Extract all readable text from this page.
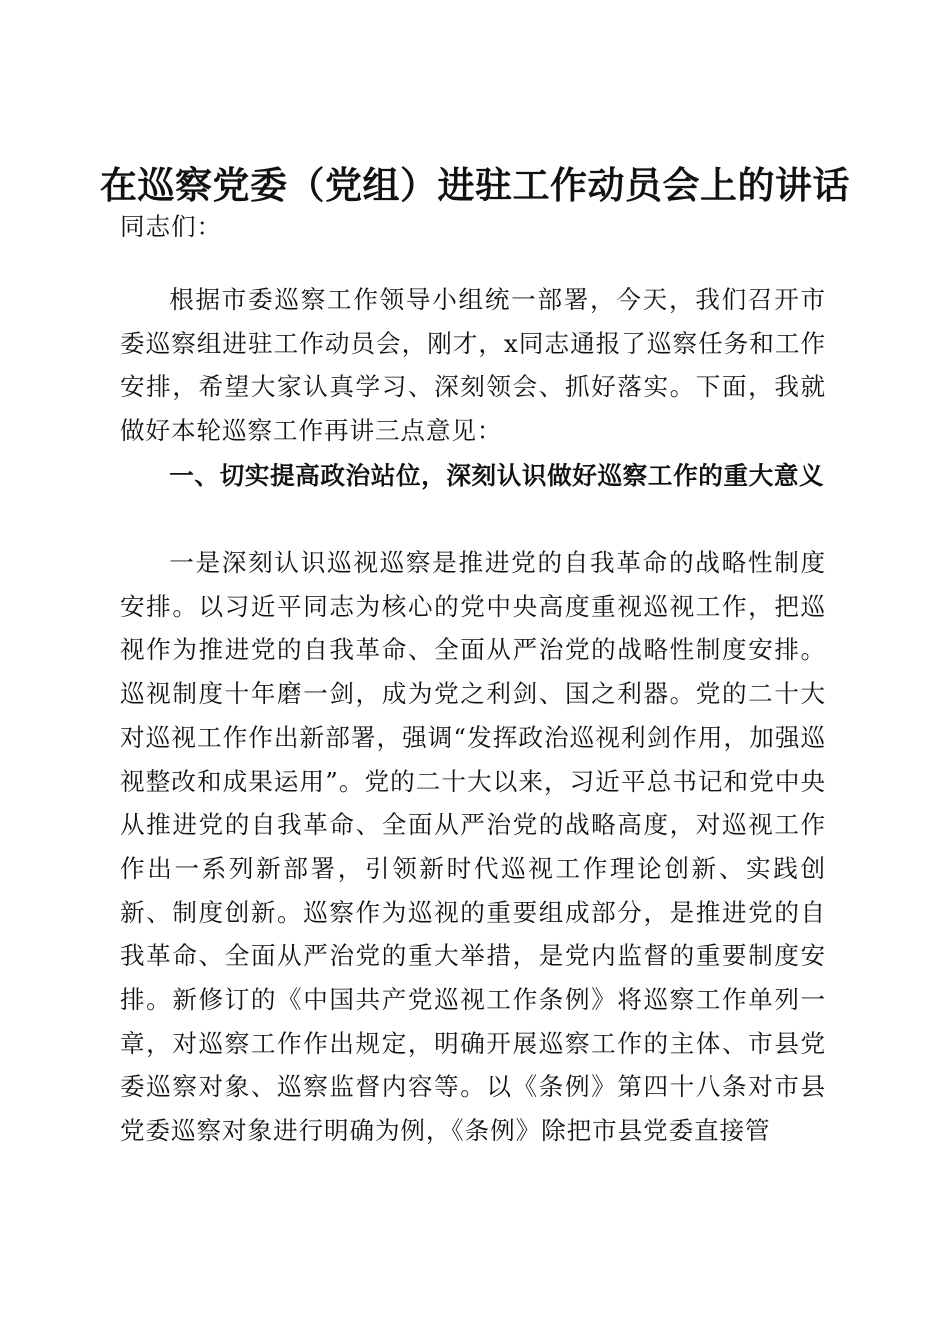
在巡察党委（党组）进驻工作动员会上的讲话

同志们：

根据市委巡察工作领导小组统一部署，今天，我们召开市委巡察组进驻工作动员会，刚才，x同志通报了巡察任务和工作安排，希望大家认真学习、深刻领会、抓好落实。下面，我就做好本轮巡察工作再讲三点意见：

一、切实提高政治站位，深刻认识做好巡察工作的重大意义

一是深刻认识巡视巡察是推进党的自我革命的战略性制度安排。以习近平同志为核心的党中央高度重视巡视工作，把巡视作为推进党的自我革命、全面从严治党的战略性制度安排。巡视制度十年磨一剑，成为党之利剑、国之利器。党的二十大对巡视工作作出新部署，强调“发挥政治巡视利剑作用，加强巡视整改和成果运用”。党的二十大以来，习近平总书记和党中央从推进党的自我革命、全面从严治党的战略高度，对巡视工作作出一系列新部署，引领新时代巡视工作理论创新、实践创新、制度创新。巡察作为巡视的重要组成部分，是推进党的自我革命、全面从严治党的重大举措，是党内监督的重要制度安排。新修订的《中国共产党巡视工作条例》将巡察工作单列一章，对巡察工作作出规定，明确开展巡察工作的主体、市县党委巡察对象、巡察监督内容等。以《条例》第四十八条对市县党委巡察对象进行明确为例，《条例》除把市县党委直接管
